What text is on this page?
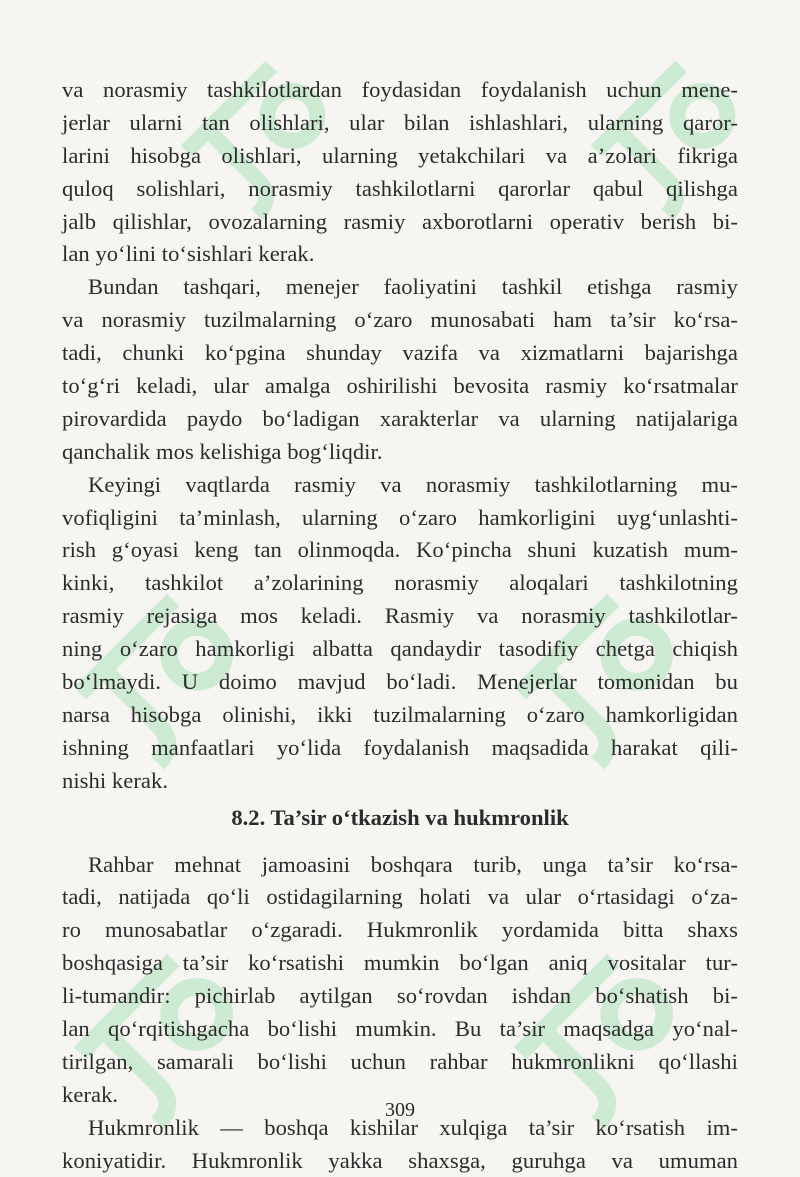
va norasmiy tashkilotlardan foydasidan foydalanish uchun mene-
jerlar ularni tan olishlari, ular bilan ishlashlari, ularning qaror-
larini hisobga olishlari, ularning yetakchilari va a’zolari fikriga
quloq solishlari, norasmiy tashkilotlarni qarorlar qabul qilishga
jalb qilishlar, ovozalarning rasmiy axborotlarni operativ berish bi-
lan yo‘lini to‘sishlari kerak.
Bundan tashqari, menejer faoliyatini tashkil etishga rasmiy
va norasmiy tuzilmalarning o‘zaro munosabati ham ta’sir ko‘rsa-
tadi, chunki ko‘pgina shunday vazifa va xizmatlarni bajarishga
to‘g‘ri keladi, ular amalga oshirilishi bevosita rasmiy ko‘rsatmalar
pirovardida paydo bo‘ladigan xarakterlar va ularning natijalariga
qanchalik mos kelishiga bog‘liqdir.
Keyingi vaqtlarda rasmiy va norasmiy tashkilotlarning mu-
vofiqligini ta’minlash, ularning o‘zaro hamkorligini uyg‘unlashti-
rish g‘oyasi keng tan olinmoqda. Ko‘pincha shuni kuzatish mum-
kinki, tashkilot a’zolarining norasmiy aloqalari tashkilotning
rasmiy rejasiga mos keladi. Rasmiy va norasmiy tashkilotlar-
ning o‘zaro hamkorligi albatta qandaydir tasodifiy chetga chiqish
bo‘lmaydi. U doimo mavjud bo‘ladi. Menejerlar tomonidan bu
narsa hisobga olinishi, ikki tuzilmalarning o‘zaro hamkorligidan
ishning manfaatlari yo‘lida foydalanish maqsadida harakat qili-
nishi kerak.
8.2. Ta’sir o‘tkazish va hukmronlik
Rahbar mehnat jamoasini boshqara turib, unga ta’sir ko‘rsa-
tadi, natijada qo‘li ostidagilarning holati va ular o‘rtasidagi o‘za-
ro munosabatlar o‘zgaradi. Hukmronlik yordamida bitta shaxs
boshqasiga ta’sir ko‘rsatishi mumkin bo‘lgan aniq vositalar tur-
li-tumandir: pichirlab aytilgan so‘rovdan ishdan bo‘shatish bi-
lan qo‘rqitishgacha bo‘lishi mumkin. Bu ta’sir maqsadga yo‘nal-
tirilgan, samarali bo‘lishi uchun rahbar hukmronlikni qo‘llashi
kerak.
Hukmronlik — boshqa kishilar xulqiga ta’sir ko‘rsatish im-
koniyatidir. Hukmronlik yakka shaxsga, guruhga va umuman
309
